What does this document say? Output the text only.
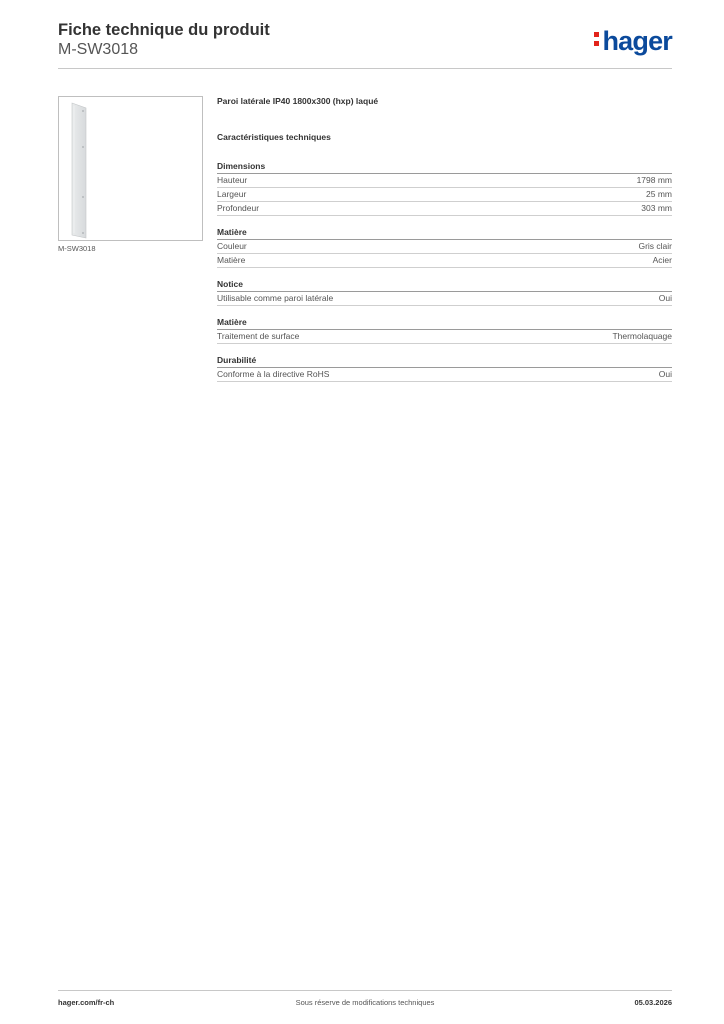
Fiche technique du produit
M-SW3018	hager
M-SW3018
Paroi latérale IP40 1800x300 (hxp) laqué
Caractéristiques techniques
Dimensions
Hauteur	1798 mm
Largeur	25 mm
Profondeur	303 mm
Matière
Couleur	Gris clair
Matière	Acier
Notice
Utilisable comme paroi latérale	Oui
Matière
Traitement de surface	Thermolaquage
Durabilité
Conforme à la directive RoHS	Oui
hager.com/fr-ch	Sous réserve de modifications techniques	05.03.2026
